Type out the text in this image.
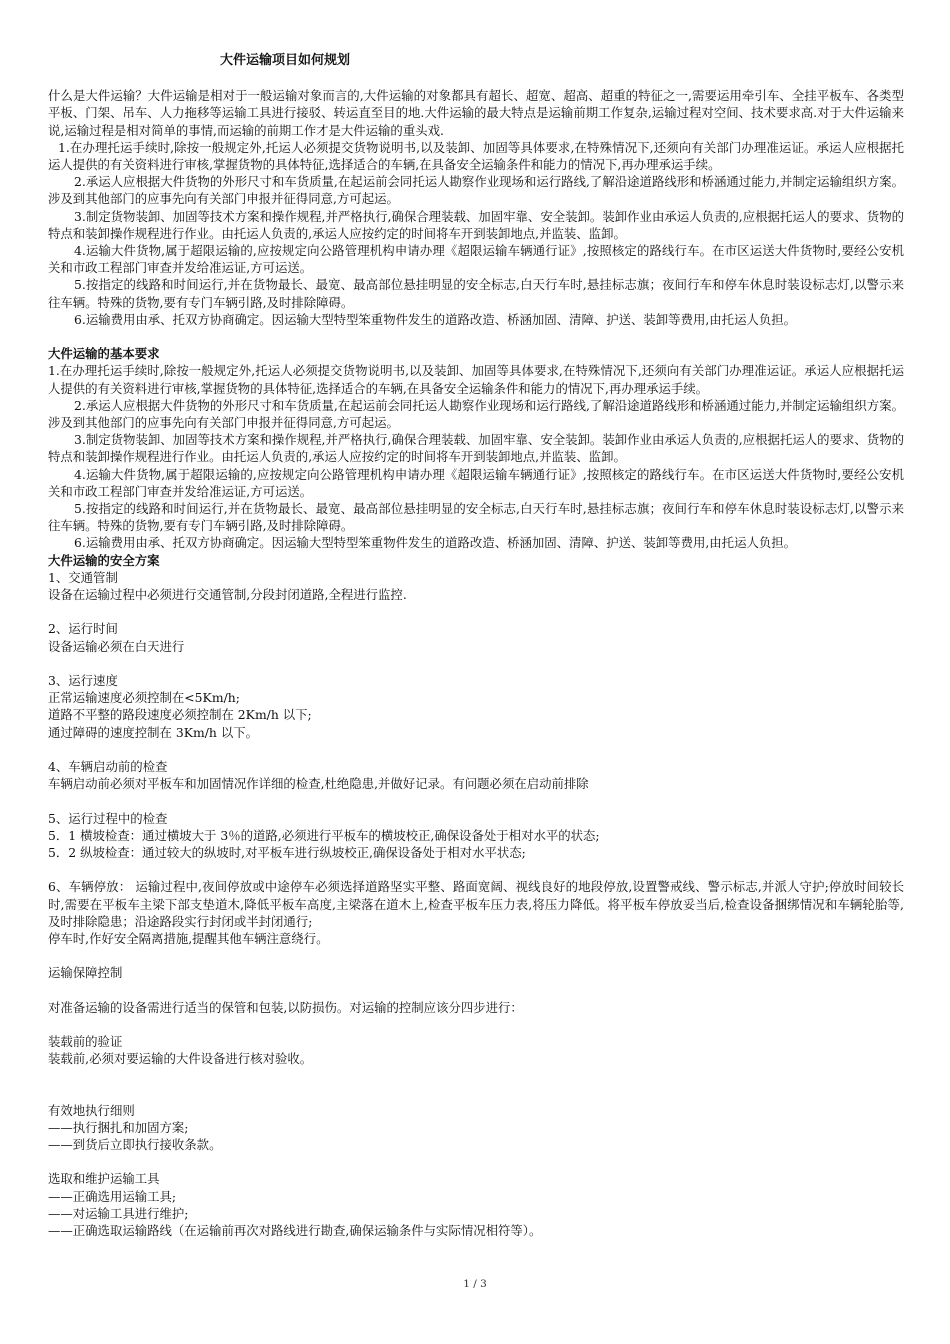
大件运输项目如何规划

什么是大件运输？大件运输是相对于一般运输对象而言的,大件运输的对象都具有超长、超宽、超高、超重的特征之一,需要运用牵引车、全挂平板车、各类型平板、门架、吊车、人力拖移等运输工具进行接驳、转运直至目的地.大件运输的最大特点是运输前期工作复杂,运输过程对空间、技术要求高.对于大件运输来说,运输过程是相对简单的事情,而运输的前期工作才是大件运输的重头戏.

1.在办理托运手续时,除按一般规定外,托运人必须提交货物说明书,以及装卸、加固等具体要求,在特殊情况下,还须向有关部门办理准运证。承运人应根据托运人提供的有关资料进行审核,掌握货物的具体特征,选择适合的车辆,在具备安全运输条件和能力的情况下,再办理承运手续。

2.承运人应根据大件货物的外形尺寸和车货质量,在起运前会同托运人勘察作业现场和运行路线,了解沿途道路线形和桥涵通过能力,并制定运输组织方案。涉及到其他部门的应事先向有关部门申报并征得同意,方可起运。

3.制定货物装卸、加固等技术方案和操作规程,并严格执行,确保合理装载、加固牢靠、安全装卸。装卸作业由承运人负责的,应根据托运人的要求、货物的特点和装卸操作规程进行作业。由托运人负责的,承运人应按约定的时间将车开到装卸地点,并监装、监卸。

4.运输大件货物,属于超限运输的,应按规定向公路管理机构申请办理《超限运输车辆通行证》,按照核定的路线行车。在市区运送大件货物时,要经公安机关和市政工程部门审查并发给准运证,方可运送。

5.按指定的线路和时间运行,并在货物最长、最宽、最高部位悬挂明显的安全标志,白天行车时,悬挂标志旗；夜间行车和停车休息时装设标志灯,以警示来往车辆。特殊的货物,要有专门车辆引路,及时排除障碍。

6.运输费用由承、托双方协商确定。因运输大型特型笨重物件发生的道路改造、桥涵加固、清障、护送、装卸等费用,由托运人负担。

大件运输的基本要求

1.在办理托运手续时,除按一般规定外,托运人必须提交货物说明书,以及装卸、加固等具体要求,在特殊情况下,还须向有关部门办理准运证。承运人应根据托运人提供的有关资料进行审核,掌握货物的具体特征,选择适合的车辆,在具备安全运输条件和能力的情况下,再办理承运手续。

2.承运人应根据大件货物的外形尺寸和车货质量,在起运前会同托运人勘察作业现场和运行路线,了解沿途道路线形和桥涵通过能力,并制定运输组织方案。涉及到其他部门的应事先向有关部门申报并征得同意,方可起运。

3.制定货物装卸、加固等技术方案和操作规程,并严格执行,确保合理装载、加固牢靠、安全装卸。装卸作业由承运人负责的,应根据托运人的要求、货物的特点和装卸操作规程进行作业。由托运人负责的,承运人应按约定的时间将车开到装卸地点,并监装、监卸。

4.运输大件货物,属于超限运输的,应按规定向公路管理机构申请办理《超限运输车辆通行证》,按照核定的路线行车。在市区运送大件货物时,要经公安机关和市政工程部门审查并发给准运证,方可运送。

5.按指定的线路和时间运行,并在货物最长、最宽、最高部位悬挂明显的安全标志,白天行车时,悬挂标志旗；夜间行车和停车休息时装设标志灯,以警示来往车辆。特殊的货物,要有专门车辆引路,及时排除障碍。

6.运输费用由承、托双方协商确定。因运输大型特型笨重物件发生的道路改造、桥涵加固、清障、护送、装卸等费用,由托运人负担。

大件运输的安全方案

1、交通管制

设备在运输过程中必须进行交通管制,分段封闭道路,全程进行监控.

2、运行时间

设备运输必须在白天进行

3、运行速度

正常运输速度必须控制在<5Km/h;

道路不平整的路段速度必须控制在 2Km/h 以下;

通过障碍的速度控制在 3Km/h 以下。

4、车辆启动前的检查

车辆启动前必须对平板车和加固情况作详细的检查,杜绝隐患,并做好记录。有问题必须在启动前排除

5、运行过程中的检查

5．1 横坡检查：通过横坡大于 3％的道路,必须进行平板车的横坡校正,确保设备处于相对水平的状态;

5．2 纵坡检查：通过较大的纵坡时,对平板车进行纵坡校正,确保设备处于相对水平状态;

6、车辆停放： 运输过程中,夜间停放或中途停车必须选择道路坚实平整、路面宽阔、视线良好的地段停放,设置警戒线、警示标志,并派人守护;停放时间较长时,需要在平板车主梁下部支垫道木,降低平板车高度,主梁落在道木上,检查平板车压力表,将压力降低。将平板车停放妥当后,检查设备捆绑情况和车辆轮胎等,及时排除隐患；沿途路段实行封闭或半封闭通行;

停车时,作好安全隔离措施,提醒其他车辆注意绕行。

运输保障控制

对准备运输的设备需进行适当的保管和包装,以防损伤。对运输的控制应该分四步进行：

装载前的验证

装载前,必须对要运输的大件设备进行核对验收。

有效地执行细则

——执行捆扎和加固方案;

——到货后立即执行接收条款。

选取和维护运输工具

——正确选用运输工具;

——对运输工具进行维护;

——正确选取运输路线（在运输前再次对路线进行勘查,确保运输条件与实际情况相符等）。

1 / 3
